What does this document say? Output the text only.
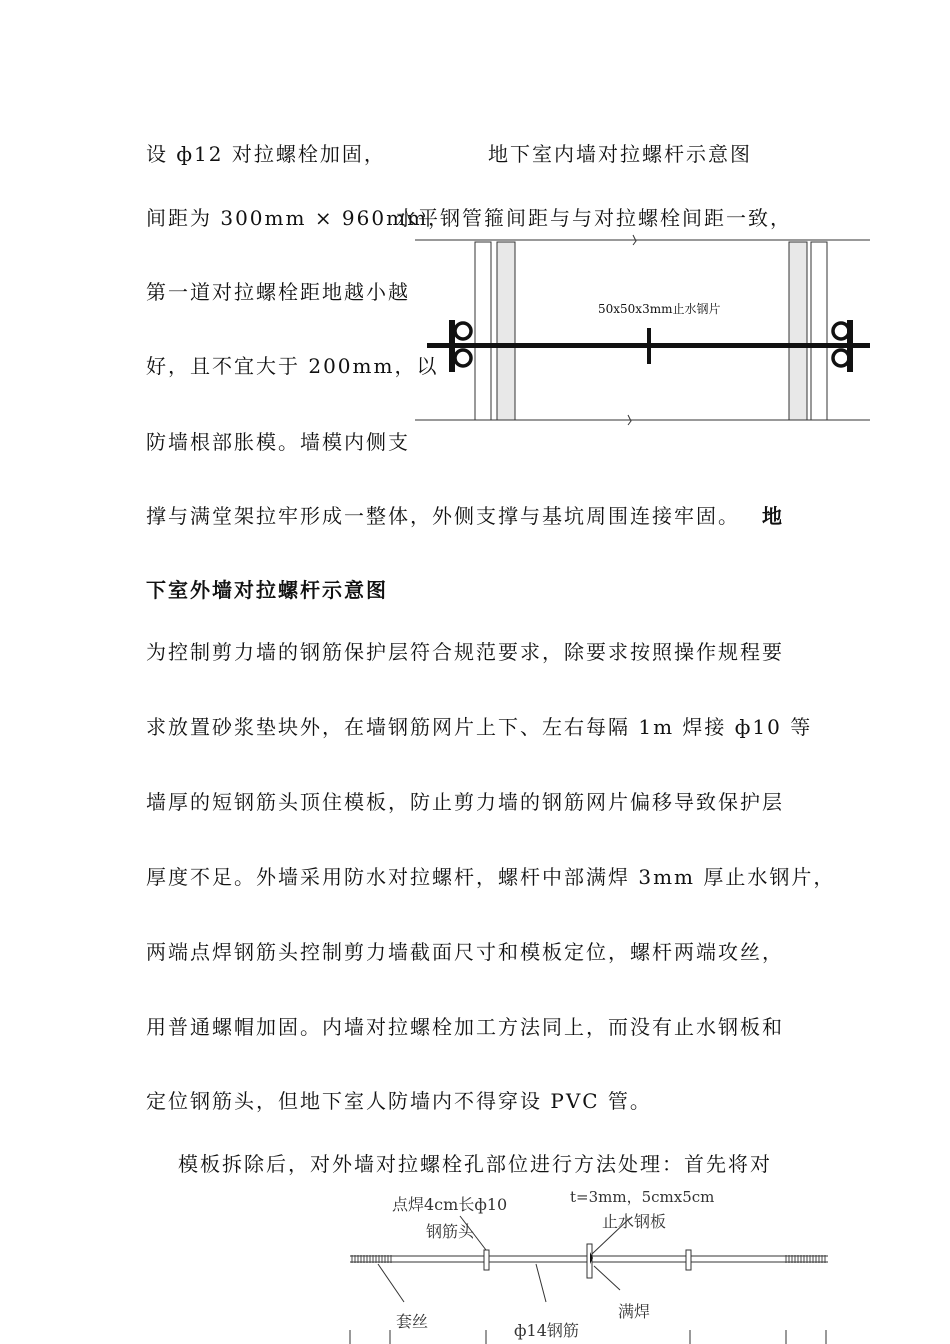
设 ф12 对拉螺栓加固，	地下室内墙对拉螺杆示意图
间距为 300mm × 960mm，
水平钢管箍间距与与对拉螺栓间距一致，
第一道对拉螺栓距地越小越
好，且不宜大于 200mm，以
防墙根部胀模。墙模内侧支
50x50x3mm止水钢片
撑与满堂架拉牢形成一整体，外侧支撑与基坑周围连接牢固。 地
下室外墙对拉螺杆示意图
为控制剪力墙的钢筋保护层符合规范要求，除要求按照操作规程要
求放置砂浆垫块外，在墙钢筋网片上下、左右每隔 1m 焊接 ф10 等
墙厚的短钢筋头顶住模板，防止剪力墙的钢筋网片偏移导致保护层
厚度不足。外墙采用防水对拉螺杆，螺杆中部满焊 3mm 厚止水钢片，
两端点焊钢筋头控制剪力墙截面尺寸和模板定位，螺杆两端攻丝，
用普通螺帽加固。内墙对拉螺栓加工方法同上，而没有止水钢板和
定位钢筋头，但地下室人防墙内不得穿设 PVC 管。
模板拆除后，对外墙对拉螺栓孔部位进行方法处理：首先将对
点焊4cm长ф10
钢筋头
t=3mm，5cmx5cm
止水钢板
套丝	ф14钢筋
满焊
